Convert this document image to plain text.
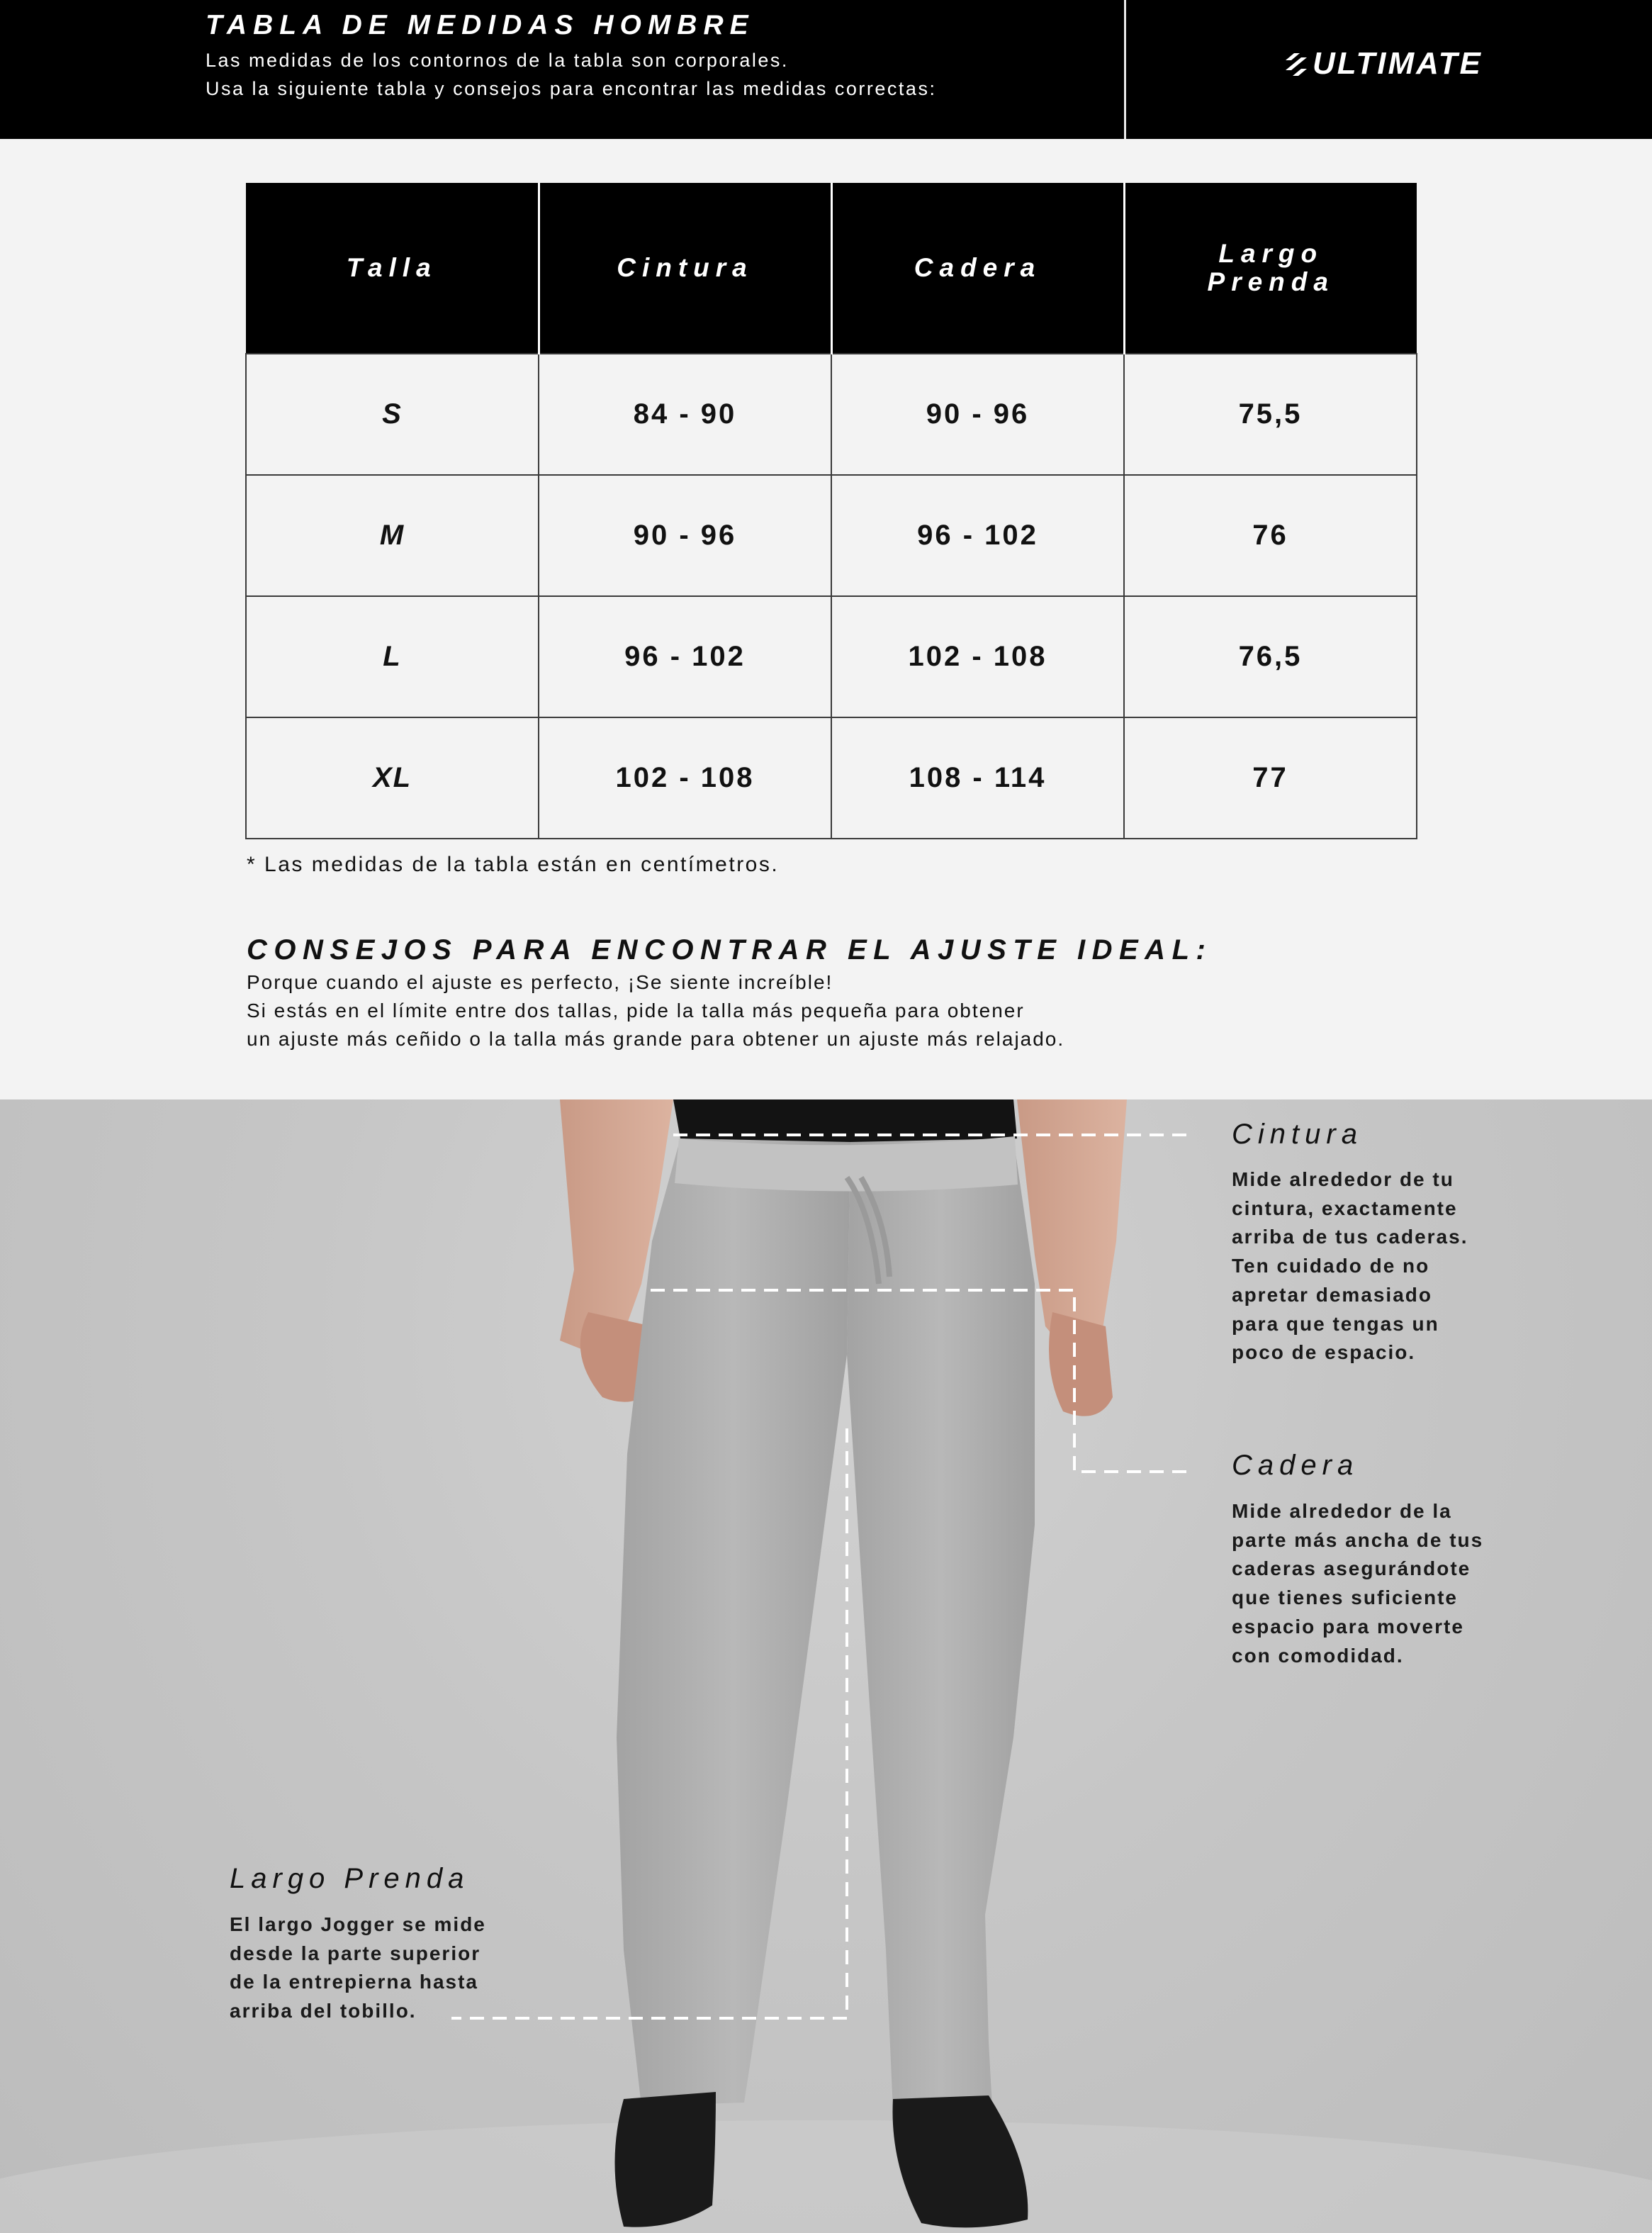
TABLA DE MEDIDAS HOMBRE
Las medidas de los contornos de la tabla son corporales.
Usa la siguiente tabla y consejos para encontrar las medidas correctas:
ULTIMATE
Talla	Cintura	Cadera	Largo Prenda
S	84 - 90	90 - 96	75,5
M	90 - 96	96 - 102	76
L	96 - 102	102 - 108	76,5
XL	102 - 108	108 - 114	77
* Las medidas de la tabla están en centímetros.
CONSEJOS PARA ENCONTRAR EL AJUSTE IDEAL:
Porque cuando el ajuste es perfecto, ¡Se siente increíble!
Si estás en el límite entre dos tallas, pide la talla más pequeña para obtener
un ajuste más ceñido o la talla más grande para obtener un ajuste más relajado.
Cintura
Mide alrededor de tu
cintura, exactamente
arriba de tus caderas.
Ten cuidado de no
apretar demasiado
para que tengas un
poco de espacio.
Cadera
Mide alrededor de la
parte más ancha de tus
caderas asegurándote
que tienes suficiente
espacio para moverte
con comodidad.
Largo Prenda
El largo Jogger se mide
desde la parte superior
de la entrepierna hasta
arriba del tobillo.
